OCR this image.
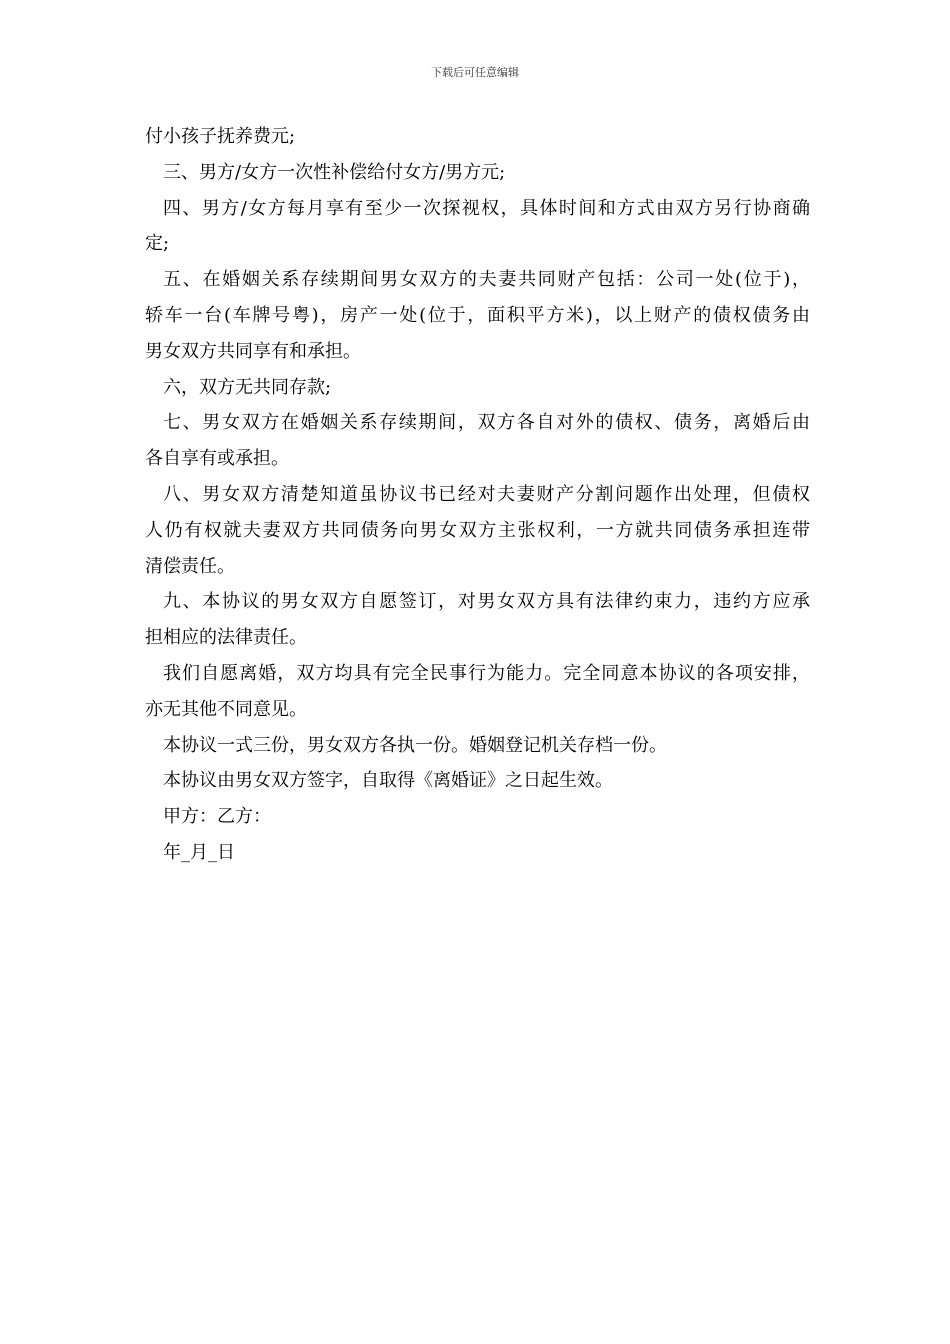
下载后可任意编辑
付小孩子抚养费元;
三、男方/女方一次性补偿给付女方/男方元;
四、男方/女方每月享有至少一次探视权，具体时间和方式由双方另行协商确
定;
五、在婚姻关系存续期间男女双方的夫妻共同财产包括：公司一处(位于)，
轿车一台(车牌号粤)，房产一处(位于，面积平方米)，以上财产的债权债务由
男女双方共同享有和承担。
六，双方无共同存款;
七、男女双方在婚姻关系存续期间，双方各自对外的债权、债务，离婚后由
各自享有或承担。
八、男女双方清楚知道虽协议书已经对夫妻财产分割问题作出处理，但债权
人仍有权就夫妻双方共同债务向男女双方主张权利，一方就共同债务承担连带
清偿责任。
九、本协议的男女双方自愿签订，对男女双方具有法律约束力，违约方应承
担相应的法律责任。
我们自愿离婚，双方均具有完全民事行为能力。完全同意本协议的各项安排，
亦无其他不同意见。
本协议一式三份，男女双方各执一份。婚姻登记机关存档一份。
本协议由男女双方签字，自取得《离婚证》之日起生效。
甲方：乙方：
年_月_日
